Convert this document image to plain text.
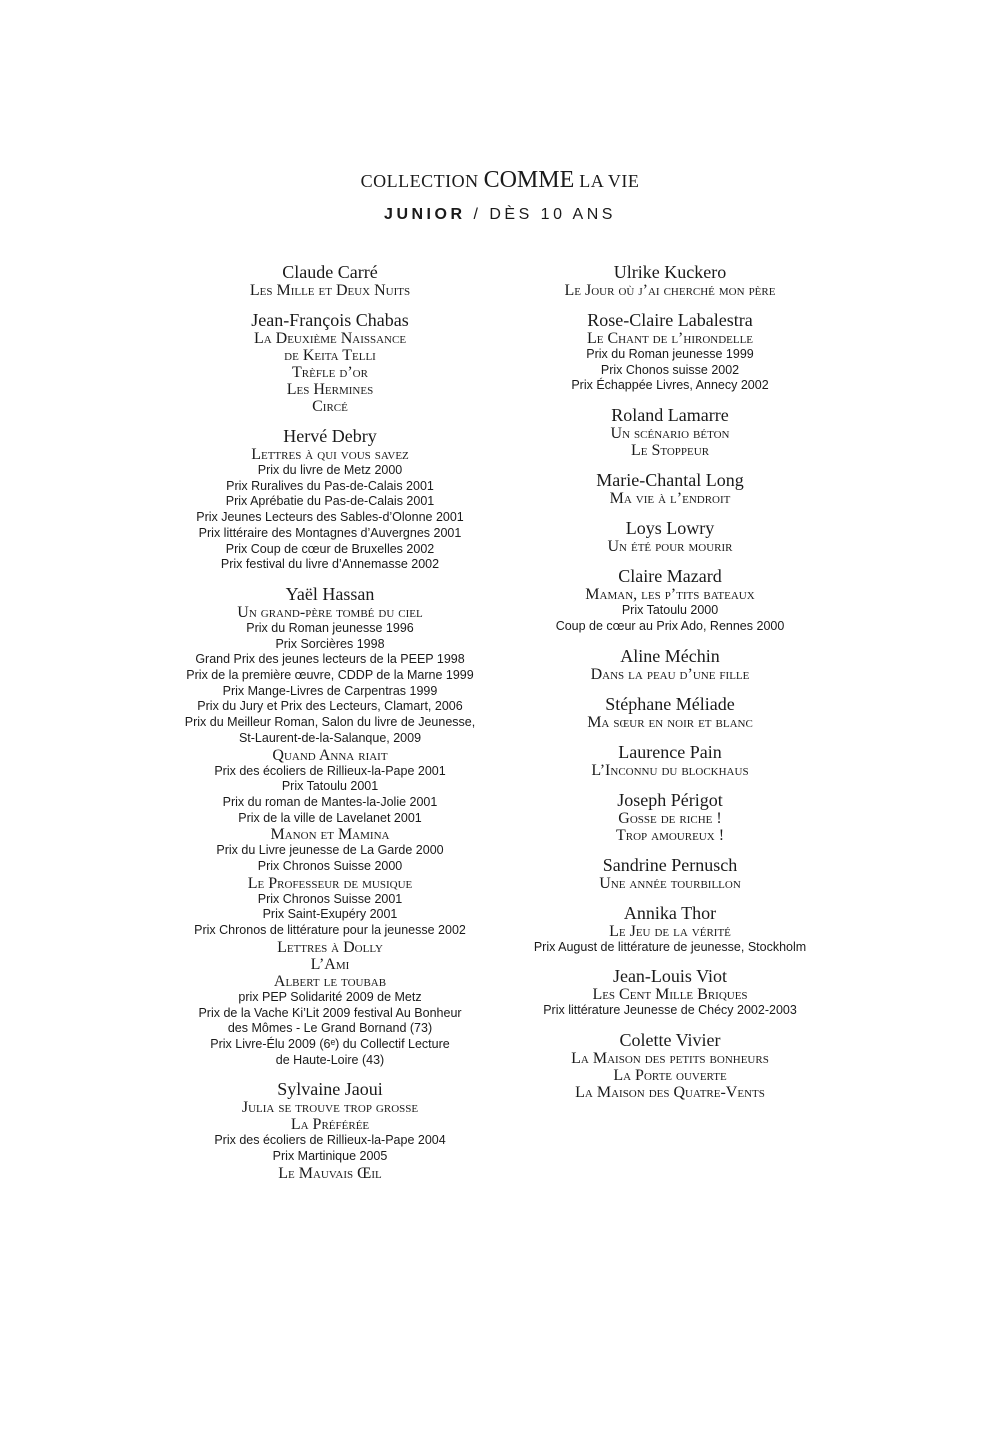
COLLECTION COMME LA VIE
JUNIOR / DÈS 10 ANS
Claude Carré
Les Mille et Deux Nuits
Jean-François Chabas
La Deuxième Naissance
de Keita Telli
Trèfle d’or
Les Hermines
Circé
Hervé Debry
Lettres à qui vous savez
Prix du livre de Metz 2000
Prix Ruralives du Pas-de-Calais 2001
Prix Aprébatie du Pas-de-Calais 2001
Prix Jeunes Lecteurs des Sables-d’Olonne 2001
Prix littéraire des Montagnes d’Auvergnes 2001
Prix Coup de cœur de Bruxelles 2002
Prix festival du livre d’Annemasse 2002
Yaël Hassan
Un grand-père tombé du ciel
Prix du Roman jeunesse 1996
Prix Sorcières 1998
Grand Prix des jeunes lecteurs de la PEEP 1998
Prix de la première œuvre, CDDP de la Marne 1999
Prix Mange-Livres de Carpentras 1999
Prix du Jury et Prix des Lecteurs, Clamart, 2006
Prix du Meilleur Roman, Salon du livre de Jeunesse,
St-Laurent-de-la-Salanque, 2009
Quand Anna riait
Prix des écoliers de Rillieux-la-Pape 2001
Prix Tatoulu 2001
Prix du roman de Mantes-la-Jolie 2001
Prix de la ville de Lavelanet 2001
Manon et Mamina
Prix du Livre jeunesse de La Garde 2000
Prix Chronos Suisse 2000
Le Professeur de musique
Prix Chronos Suisse 2001
Prix Saint-Exupéry 2001
Prix Chronos de littérature pour la jeunesse 2002
Lettres à Dolly
L’Ami
Albert le toubab
prix PEP Solidarité 2009 de Metz
Prix de la Vache Ki’Lit 2009 festival Au Bonheur
des Mômes - Le Grand Bornand (73)
Prix Livre-Élu 2009 (6ᵉ) du Collectif Lecture
de Haute-Loire (43)
Sylvaine Jaoui
Julia se trouve trop grosse
La Préférée
Prix des écoliers de Rillieux-la-Pape 2004
Prix Martinique 2005
Le Mauvais Œil
Ulrike Kuckero
Le Jour où j’ai cherché mon père
Rose-Claire Labalestra
Le Chant de l’hirondelle
Prix du Roman jeunesse 1999
Prix Chonos suisse 2002
Prix Échappée Livres, Annecy 2002
Roland Lamarre
Un scénario béton
Le Stoppeur
Marie-Chantal Long
Ma vie à l’endroit
Loys Lowry
Un été pour mourir
Claire Mazard
Maman, les p’tits bateaux
Prix Tatoulu 2000
Coup de cœur au Prix Ado, Rennes 2000
Aline Méchin
Dans la peau d’une fille
Stéphane Méliade
Ma sœur en noir et blanc
Laurence Pain
L’Inconnu du blockhaus
Joseph Périgot
Gosse de riche !
Trop amoureux !
Sandrine Pernusch
Une année tourbillon
Annika Thor
Le Jeu de la vérité
Prix August de littérature de jeunesse, Stockholm
Jean-Louis Viot
Les Cent Mille Briques
Prix littérature Jeunesse de Chécy 2002-2003
Colette Vivier
La Maison des petits bonheurs
La Porte ouverte
La Maison des Quatre-Vents
